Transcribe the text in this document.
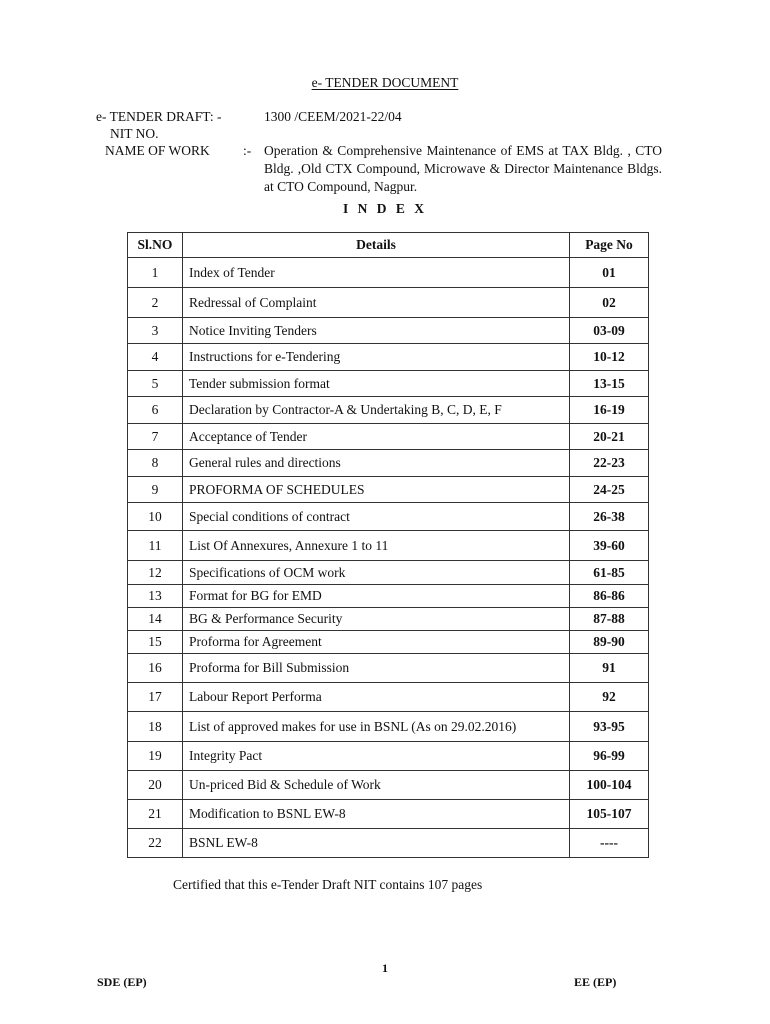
e- TENDER DOCUMENT
e- TENDER DRAFT: -	1300 /CEEM/2021-22/04
NIT NO.
NAME OF WORK :- Operation & Comprehensive Maintenance of EMS at TAX Bldg. , CTO Bldg. ,Old CTX Compound, Microwave & Director Maintenance Bldgs. at CTO Compound, Nagpur.
I N D E X
Sl.NO	Details	Page No
1	Index of Tender	01
2	Redressal of Complaint	02
3	Notice Inviting Tenders	03-09
4	Instructions for e-Tendering	10-12
5	Tender submission format	13-15
6	Declaration by Contractor-A & Undertaking B, C, D, E, F	16-19
7	Acceptance of Tender	20-21
8	General rules and directions	22-23
9	PROFORMA OF SCHEDULES	24-25
10	Special conditions of contract	26-38
11	List Of Annexures, Annexure 1 to 11	39-60
12	Specifications of OCM work	61-85
13	Format for BG for EMD	86-86
14	BG & Performance Security	87-88
15	Proforma for Agreement	89-90
16	Proforma for Bill Submission	91
17	Labour Report Performa	92
18	List of approved makes for use in BSNL (As on 29.02.2016)	93-95
19	Integrity Pact	96-99
20	Un-priced Bid & Schedule of Work	100-104
21	Modification to BSNL EW-8	105-107
22	BSNL EW-8	----
Certified that this e-Tender Draft NIT contains 107 pages
1
SDE (EP)	EE (EP)
